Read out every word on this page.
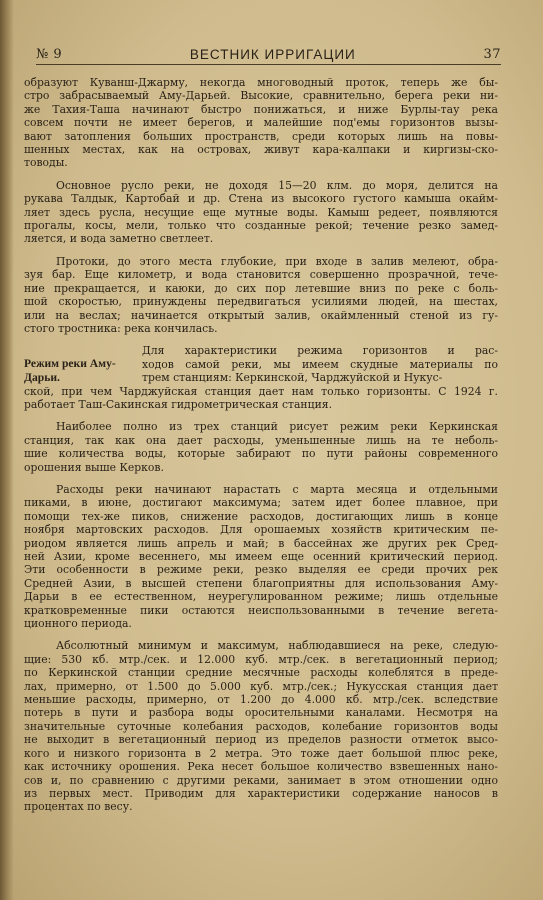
№ 9	ВЕСТНИК ИРРИГАЦИИ	37

образуют Куванш-Джарму, некогда многоводный проток, теперь же бы-
стро забрасываемый Аму-Дарьей. Высокие, сравнительно, берега реки ни-
же Тахия-Таша начинают быстро понижаться, и ниже Бурлы-тау река
совсем почти не имеет берегов, и малейшие под'емы горизонтов вызы-
вают затопления больших пространств, среди которых лишь на повы-
шенных местах, как на островах, живут кара-калпаки и киргизы-ско-
товоды.

Основное русло реки, не доходя 15—20 клм. до моря, делится на
рукава Талдык, Картобай и др. Стена из высокого густого камыша окайм-
ляет здесь русла, несущие еще мутные воды. Камыш редеет, появляются
прогалы, косы, мели, только что созданные рекой; течение резко замед-
ляется, и вода заметно светлеет.

Протоки, до этого места глубокие, при входе в залив мелеют, обра-
зуя бар. Еще километр, и вода становится совершенно прозрачной, тече-
ние прекращается, и каюки, до сих пор летевшие вниз по реке с боль-
шой скоростью, принуждены передвигаться усилиями людей, на шестах,
или на веслах; начинается открытый залив, окаймленный стеной из гу-
стого тростника: река кончилась.

Режим реки Аму-Дарьи.
Для характеристики режима горизонтов и рас-
ходов самой реки, мы имеем скудные материалы по
трем станциям: Керкинской, Чарджуйской и Нукус-
ской, при чем Чарджуйская станция дает нам только горизонты. С 1924 г.
работает Таш-Сакинская гидрометрическая станция.

Наиболее полно из трех станций рисует режим реки Керкинская
станция, так как она дает расходы, уменьшенные лишь на те неболь-
шие количества воды, которые забирают по пути районы современного
орошения выше Керков.

Расходы реки начинают нарастать с марта месяца и отдельными
пиками, в июне, достигают максимума; затем идет более плавное, при
помощи тех-же пиков, снижение расходов, достигающих лишь в конце
ноября мартовских расходов. Для орошаемых хозяйств критическим пе-
риодом является лишь апрель и май; в бассейнах же других рек Сред-
ней Азии, кроме весеннего, мы имеем еще осенний критический период.
Эти особенности в режиме реки, резко выделяя ее среди прочих рек
Средней Азии, в высшей степени благоприятны для использования Аму-
Дарьи в ее естественном, неурегулированном режиме; лишь отдельные
кратковременные пики остаются неиспользованными в течение вегета-
ционного периода.

Абсолютный минимум и максимум, наблюдавшиеся на реке, следую-
щие: 530 кб. мтр./сек. и 12.000 куб. мтр./сек. в вегетационный период;
по Керкинской станции средние месячные расходы колеблятся в преде-
лах, примерно, от 1.500 до 5.000 куб. мтр./сек.; Нукусская станция дает
меньшие расходы, примерно, от 1.200 до 4.000 кб. мтр./сек. вследствие
потерь в пути и разбора воды оросительными каналами. Несмотря на
значительные суточные колебания расходов, колебание горизонтов воды
не выходит в вегетационный период из пределов разности отметок высо-
кого и низкого горизонта в 2 метра. Это тоже дает большой плюс реке,
как источнику орошения. Река несет большое количество взвешенных нано-
сов и, по сравнению с другими реками, занимает в этом отношении одно
из первых мест. Приводим для характеристики содержание наносов в
процентах по весу.
